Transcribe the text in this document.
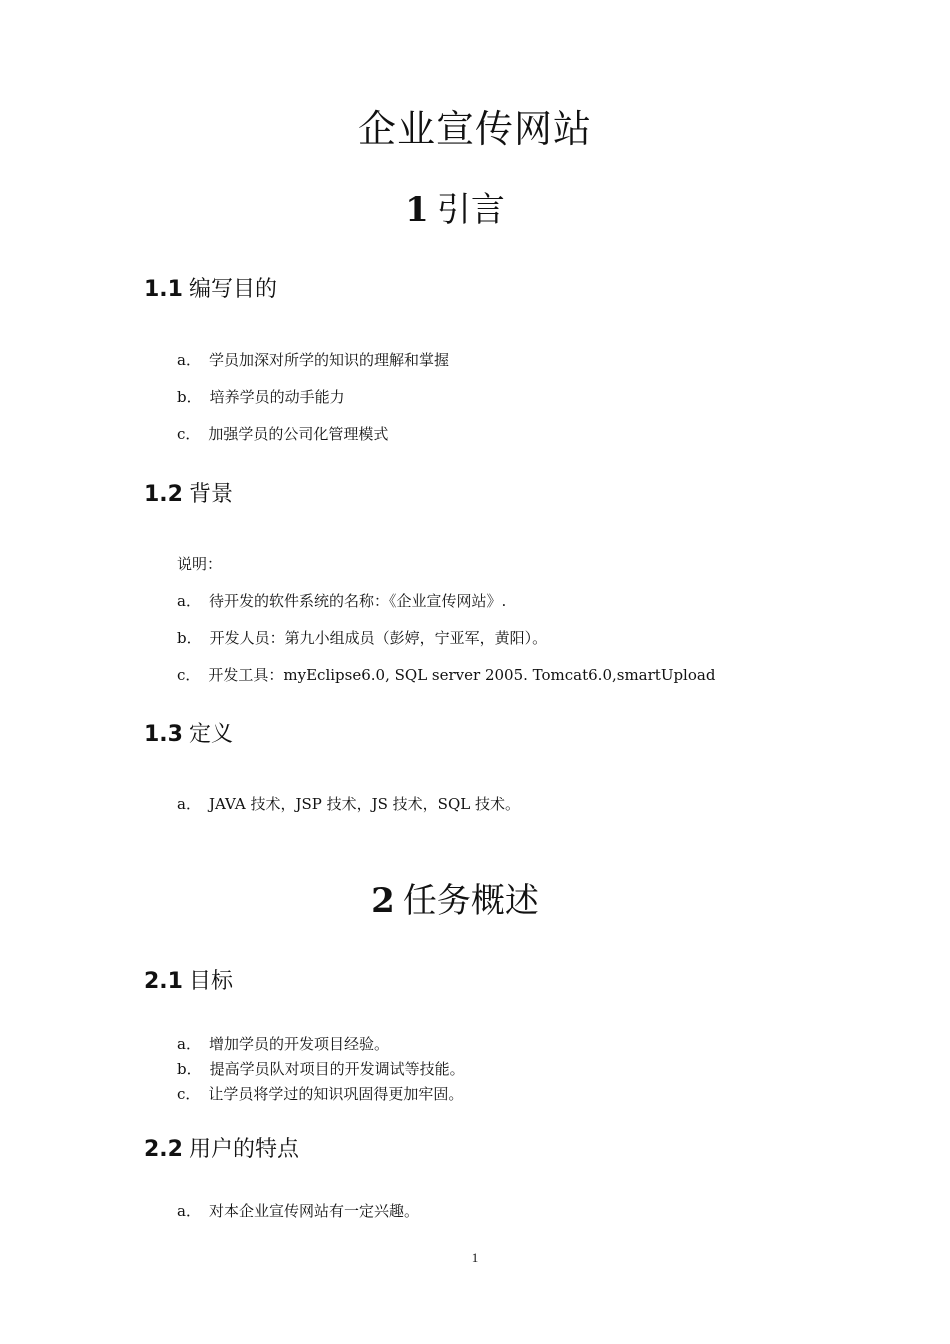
企业宣传网站
1 引言
1.1 编写目的
a． 学员加深对所学的知识的理解和掌握
b． 培养学员的动手能力
c． 加强学员的公司化管理模式
1.2 背景
说明：
a． 待开发的软件系统的名称：《企业宣传网站》.
b． 开发人员：第九小组成员（彭婷，宁亚军，黄阳）。
c． 开发工具：myEclipse6.0, SQL server 2005. Tomcat6.0,smartUpload
1.3 定义
a． JAVA 技术，JSP 技术，JS 技术，SQL 技术。
2 任务概述
2.1 目标
a． 增加学员的开发项目经验。
b． 提高学员队对项目的开发调试等技能。
c． 让学员将学过的知识巩固得更加牢固。
2.2 用户的特点
a． 对本企业宣传网站有一定兴趣。
1
